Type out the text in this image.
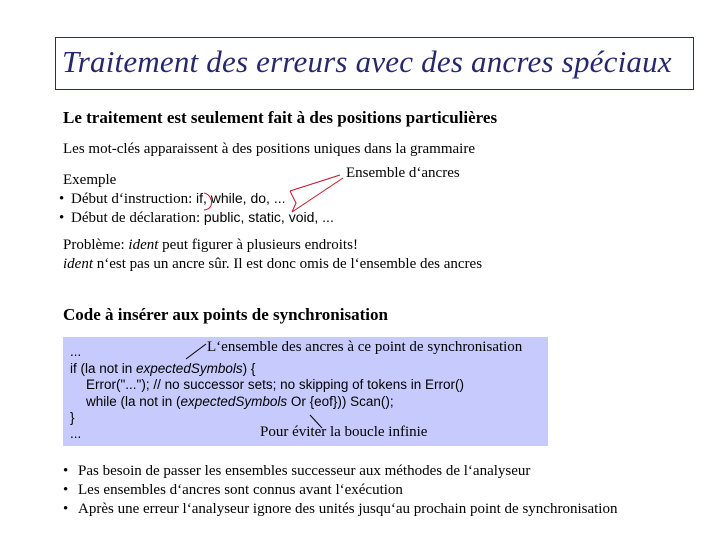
Traitement des erreurs avec des ancres spéciaux
Le traitement est seulement fait à des positions particulières
Les mot-clés apparaissent à des positions uniques dans la grammaire
Ensemble d‘ancres
Exemple
• Début d‘instruction: if, while, do, ...
• Début de déclaration: public, static, void, ...
Problème: ident peut figurer à plusieurs endroits!
ident n‘est pas un ancre sûr. Il est donc omis de l‘ensemble des ancres
Code à insérer aux points de synchronisation
...
if (la not in expectedSymbols) {
Error("..."); // no successor sets; no skipping of tokens in Error()
while (la not in (expectedSymbols Or {eof})) Scan();
}
...
L‘ensemble des ancres à ce point de synchronisation
Pour éviter la boucle infinie
• Pas besoin de passer les ensembles successeur aux méthodes de l‘analyseur
• Les ensembles d‘ancres sont connus avant l‘exécution
• Après une erreur l‘analyseur ignore des unités jusqu‘au prochain point de synchronisation
